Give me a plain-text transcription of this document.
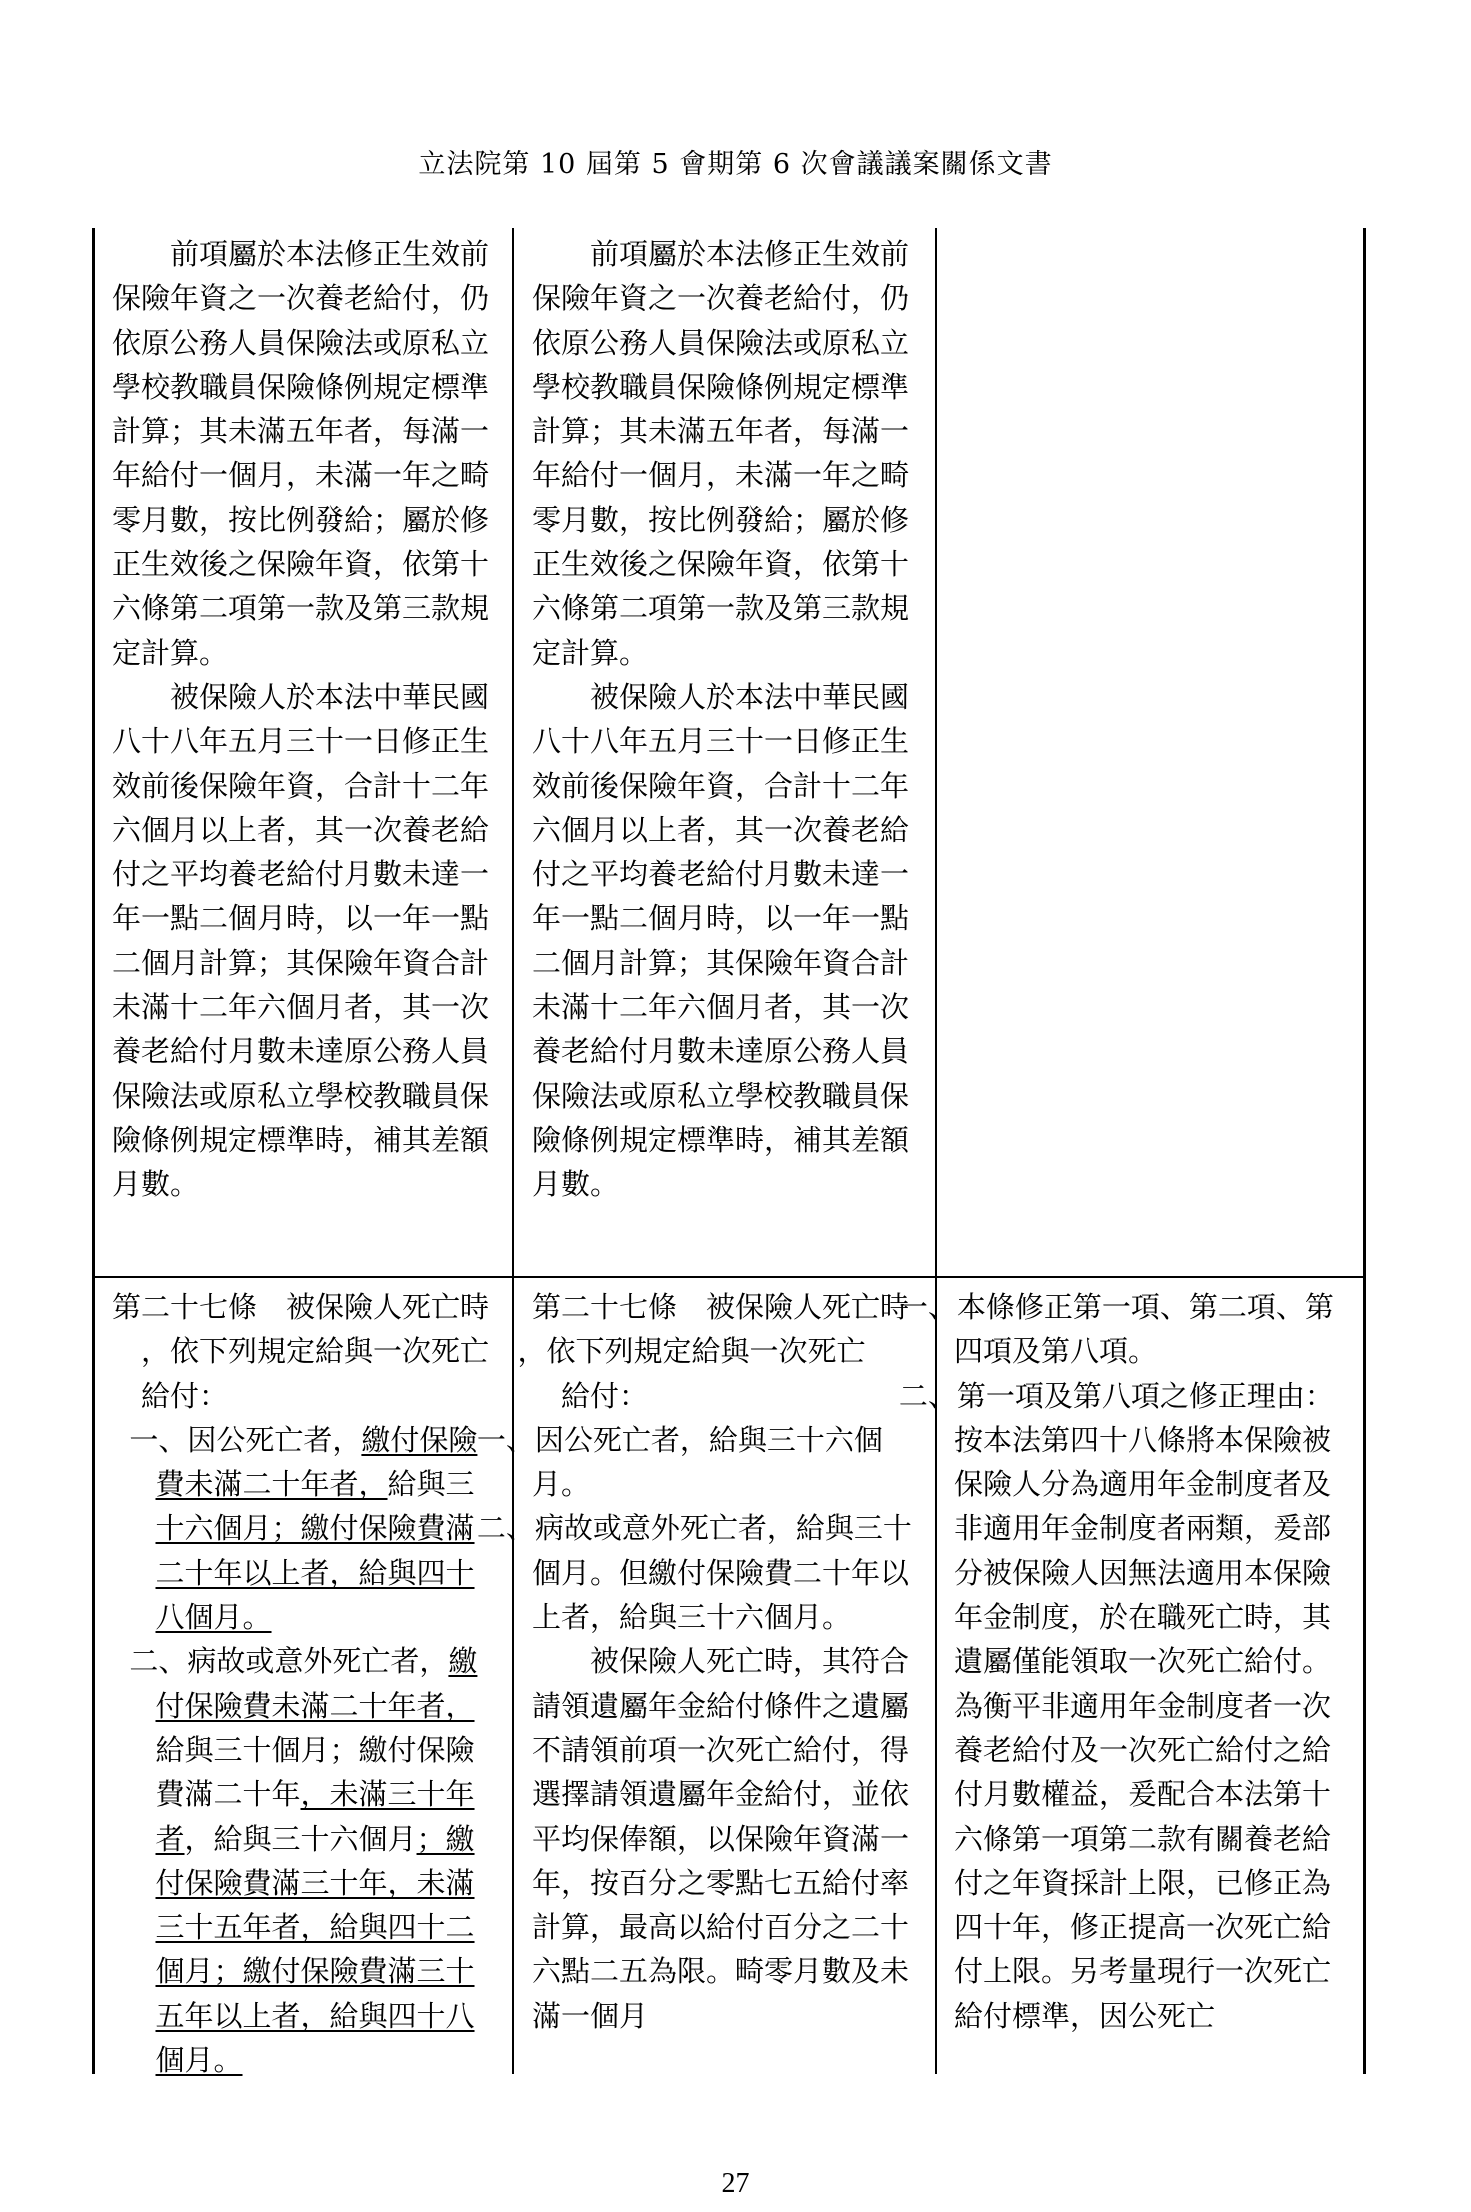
立法院第 10 屆第 5 會期第 6 次會議議案關係文書

前項屬於本法修正生效前保險年資之一次養老給付，仍依原公務人員保險法或原私立學校教職員保險條例規定標準計算；其未滿五年者，每滿一年給付一個月，未滿一年之畸零月數，按比例發給；屬於修正生效後之保險年資，依第十六條第二項第一款及第三款規定計算。

被保險人於本法中華民國八十八年五月三十一日修正生效前後保險年資，合計十二年六個月以上者，其一次養老給付之平均養老給付月數未達一年一點二個月時，以一年一點二個月計算；其保險年資合計未滿十二年六個月者，其一次養老給付月數未達原公務人員保險法或原私立學校教職員保險條例規定標準時，補其差額月數。

前項屬於本法修正生效前保險年資之一次養老給付，仍依原公務人員保險法或原私立學校教職員保險條例規定標準計算；其未滿五年者，每滿一年給付一個月，未滿一年之畸零月數，按比例發給；屬於修正生效後之保險年資，依第十六條第二項第一款及第三款規定計算。

被保險人於本法中華民國八十八年五月三十一日修正生效前後保險年資，合計十二年六個月以上者，其一次養老給付之平均養老給付月數未達一年一點二個月時，以一年一點二個月計算；其保險年資合計未滿十二年六個月者，其一次養老給付月數未達原公務人員保險法或原私立學校教職員保險條例規定標準時，補其差額月數。

第二十七條　被保險人死亡時

，依下列規定給與一次死亡

給付：

一、因公死亡者，繳付保險

費未滿二十年者，給與三

十六個月；繳付保險費滿

二十年以上者，給與四十

八個月。

二、病故或意外死亡者，繳

付保險費未滿二十年者，

給與三十個月；繳付保險

費滿二十年，未滿三十年

者，給與三十六個月；繳

付保險費滿三十年，未滿

三十五年者，給與四十二

個月；繳付保險費滿三十

五年以上者，給與四十八

個月。

第二十七條　被保險人死亡時

，依下列規定給與一次死亡

給付：

一、因公死亡者，給與三十六個月。

二、病故或意外死亡者，給與三十個月。但繳付保險費二十年以上者，給與三十六個月。

被保險人死亡時，其符合請領遺屬年金給付條件之遺屬不請領前項一次死亡給付，得選擇請領遺屬年金給付，並依平均保俸額，以保險年資滿一年，按百分之零點七五給付率計算，最高以給付百分之二十六點二五為限。畸零月數及未滿一個月

一、本條修正第一項、第二項、第四項及第八項。

二、第一項及第八項之修正理由：按本法第四十八條將本保險被保險人分為適用年金制度者及非適用年金制度者兩類，爰部分被保險人因無法適用本保險年金制度，於在職死亡時，其遺屬僅能領取一次死亡給付。為衡平非適用年金制度者一次養老給付及一次死亡給付之給付月數權益，爰配合本法第十六條第一項第二款有關養老給付之年資採計上限，已修正為四十年，修正提高一次死亡給付上限。另考量現行一次死亡給付標準，因公死亡

27
